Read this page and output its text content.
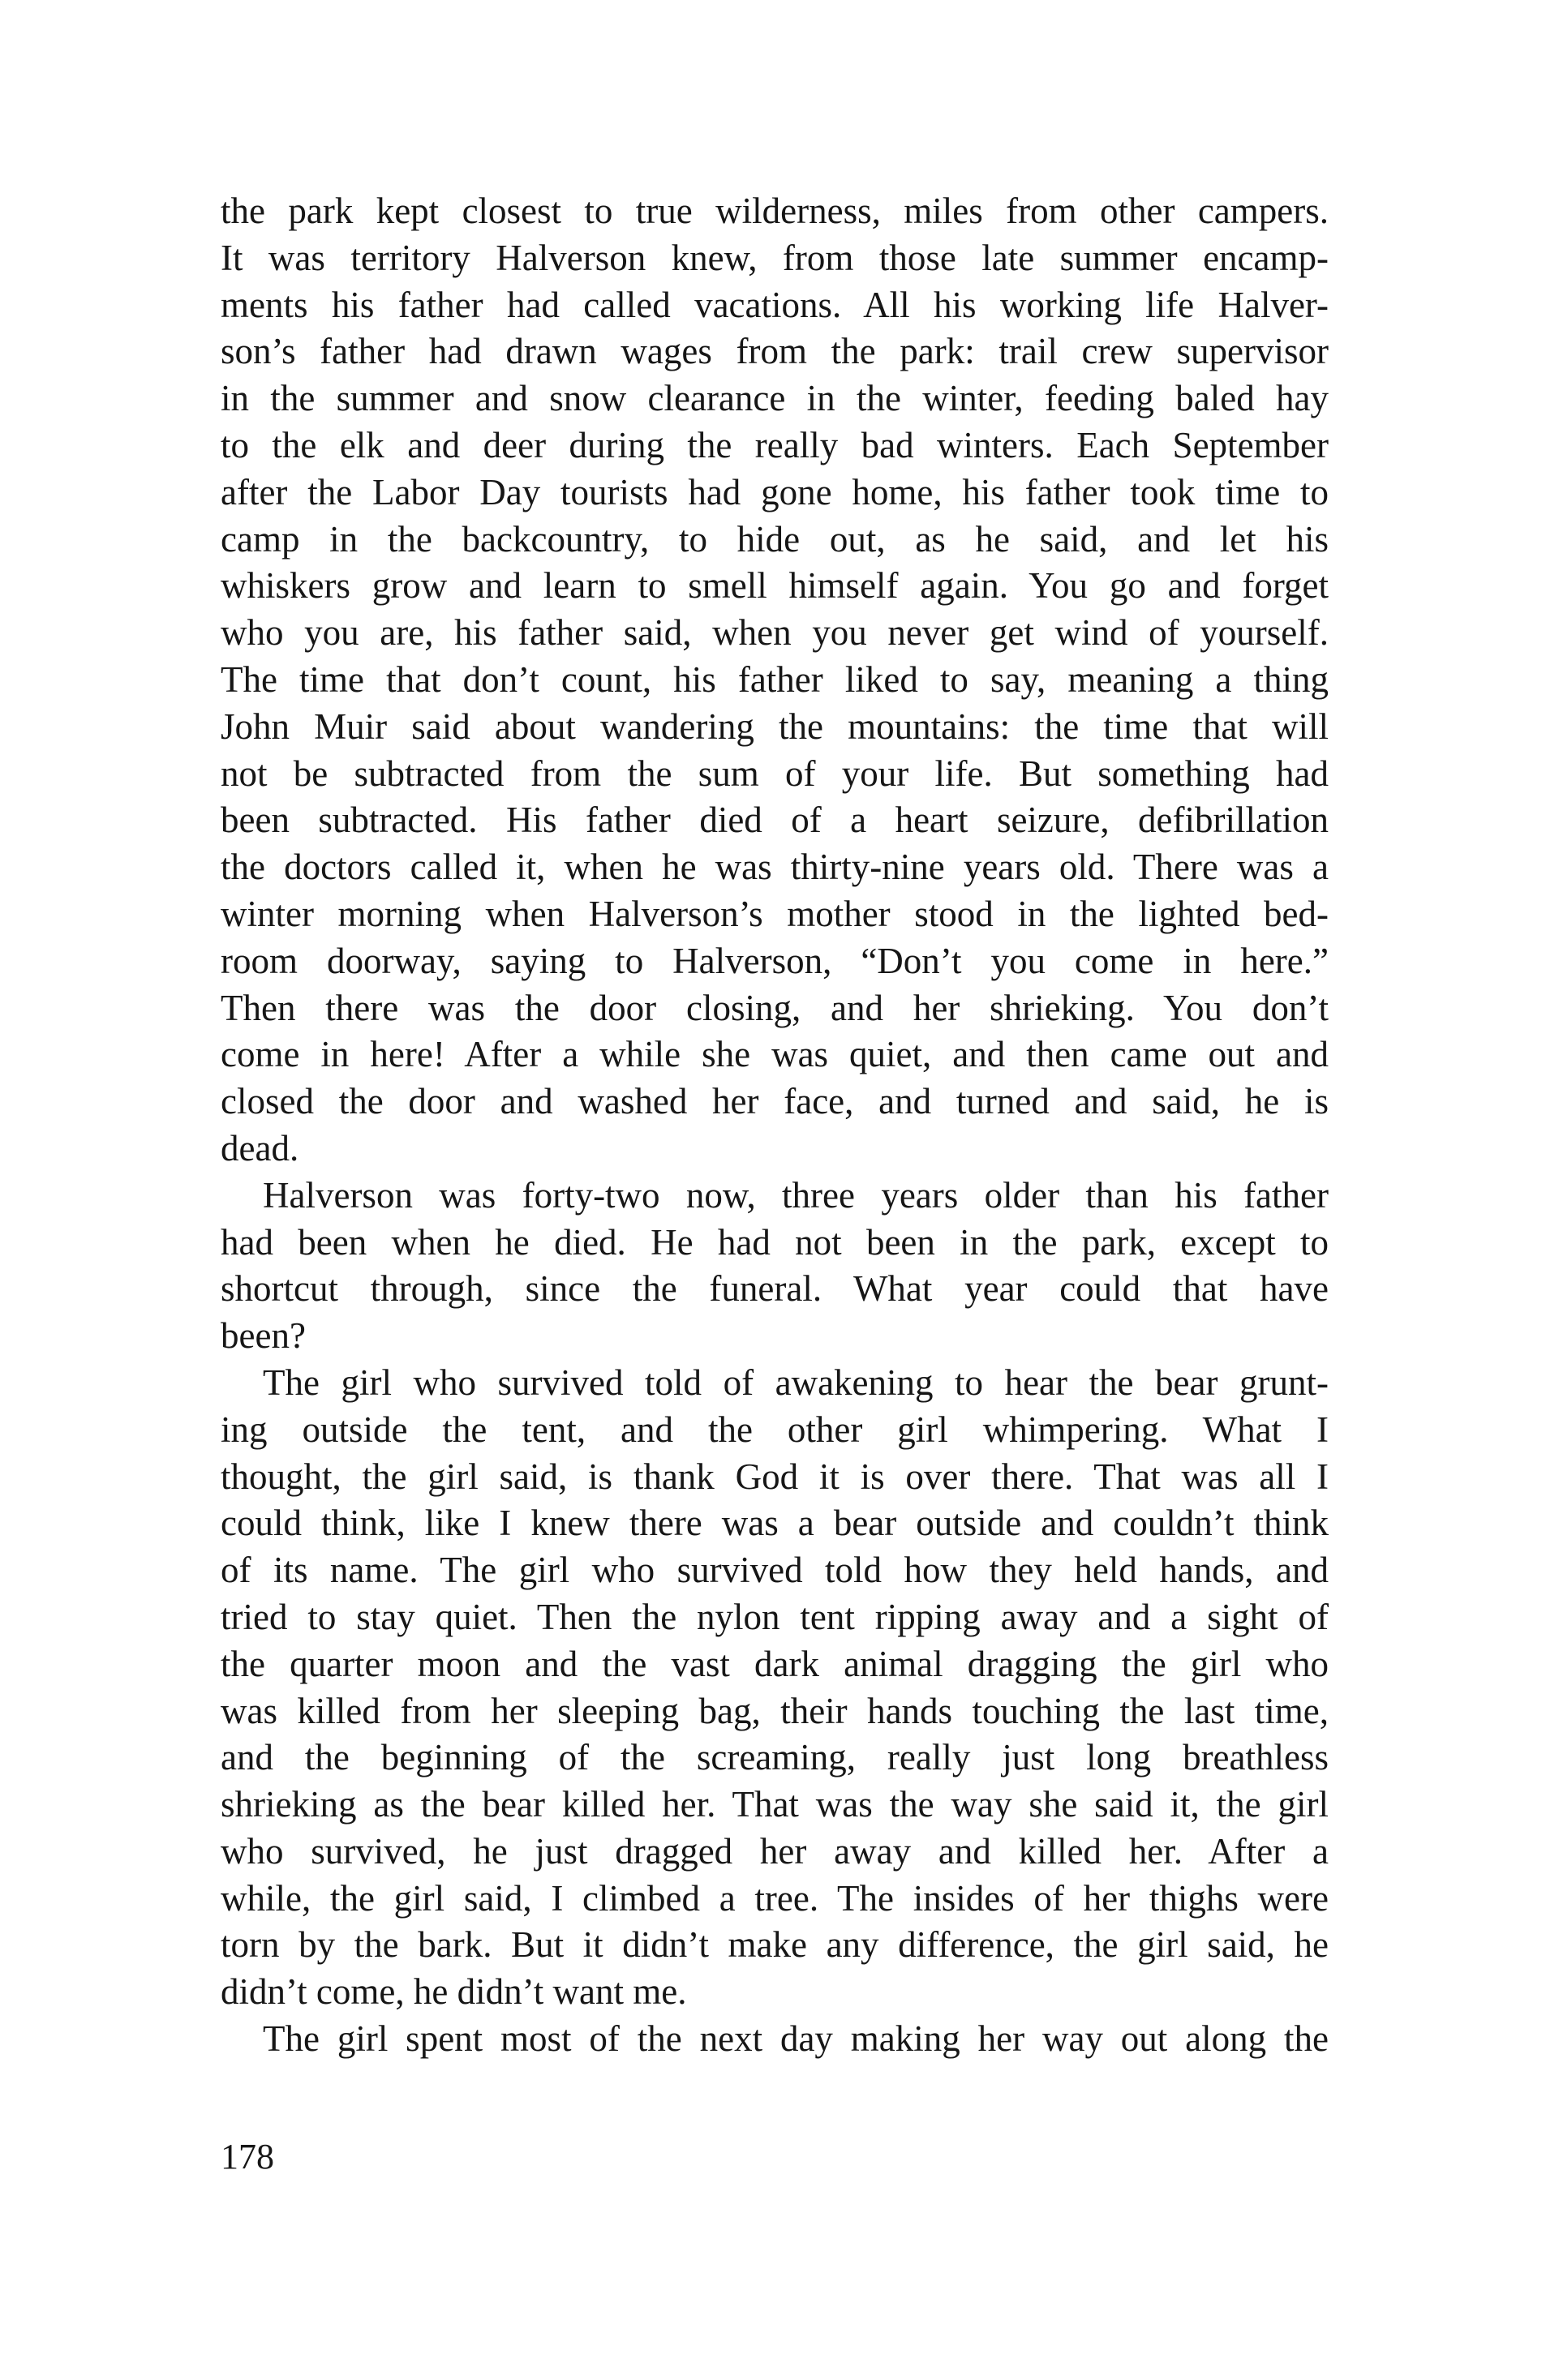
the park kept closest to true wilderness, miles from other campers.
It was territory Halverson knew, from those late summer encamp-
ments his father had called vacations. All his working life Halver-
son’s father had drawn wages from the park: trail crew supervisor
in the summer and snow clearance in the winter, feeding baled hay
to the elk and deer during the really bad winters. Each September
after the Labor Day tourists had gone home, his father took time to
camp in the backcountry, to hide out, as he said, and let his
whiskers grow and learn to smell himself again. You go and forget
who you are, his father said, when you never get wind of yourself.
The time that don’t count, his father liked to say, meaning a thing
John Muir said about wandering the mountains: the time that will
not be subtracted from the sum of your life. But something had
been subtracted. His father died of a heart seizure, defibrillation
the doctors called it, when he was thirty-nine years old. There was a
winter morning when Halverson’s mother stood in the lighted bed-
room doorway, saying to Halverson, “Don’t you come in here.”
Then there was the door closing, and her shrieking. You don’t
come in here! After a while she was quiet, and then came out and
closed the door and washed her face, and turned and said, he is
dead.
Halverson was forty-two now, three years older than his father
had been when he died. He had not been in the park, except to
shortcut through, since the funeral. What year could that have
been?
The girl who survived told of awakening to hear the bear grunt-
ing outside the tent, and the other girl whimpering. What I
thought, the girl said, is thank God it is over there. That was all I
could think, like I knew there was a bear outside and couldn’t think
of its name. The girl who survived told how they held hands, and
tried to stay quiet. Then the nylon tent ripping away and a sight of
the quarter moon and the vast dark animal dragging the girl who
was killed from her sleeping bag, their hands touching the last time,
and the beginning of the screaming, really just long breathless
shrieking as the bear killed her. That was the way she said it, the girl
who survived, he just dragged her away and killed her. After a
while, the girl said, I climbed a tree. The insides of her thighs were
torn by the bark. But it didn’t make any difference, the girl said, he
didn’t come, he didn’t want me.
The girl spent most of the next day making her way out along the
178
